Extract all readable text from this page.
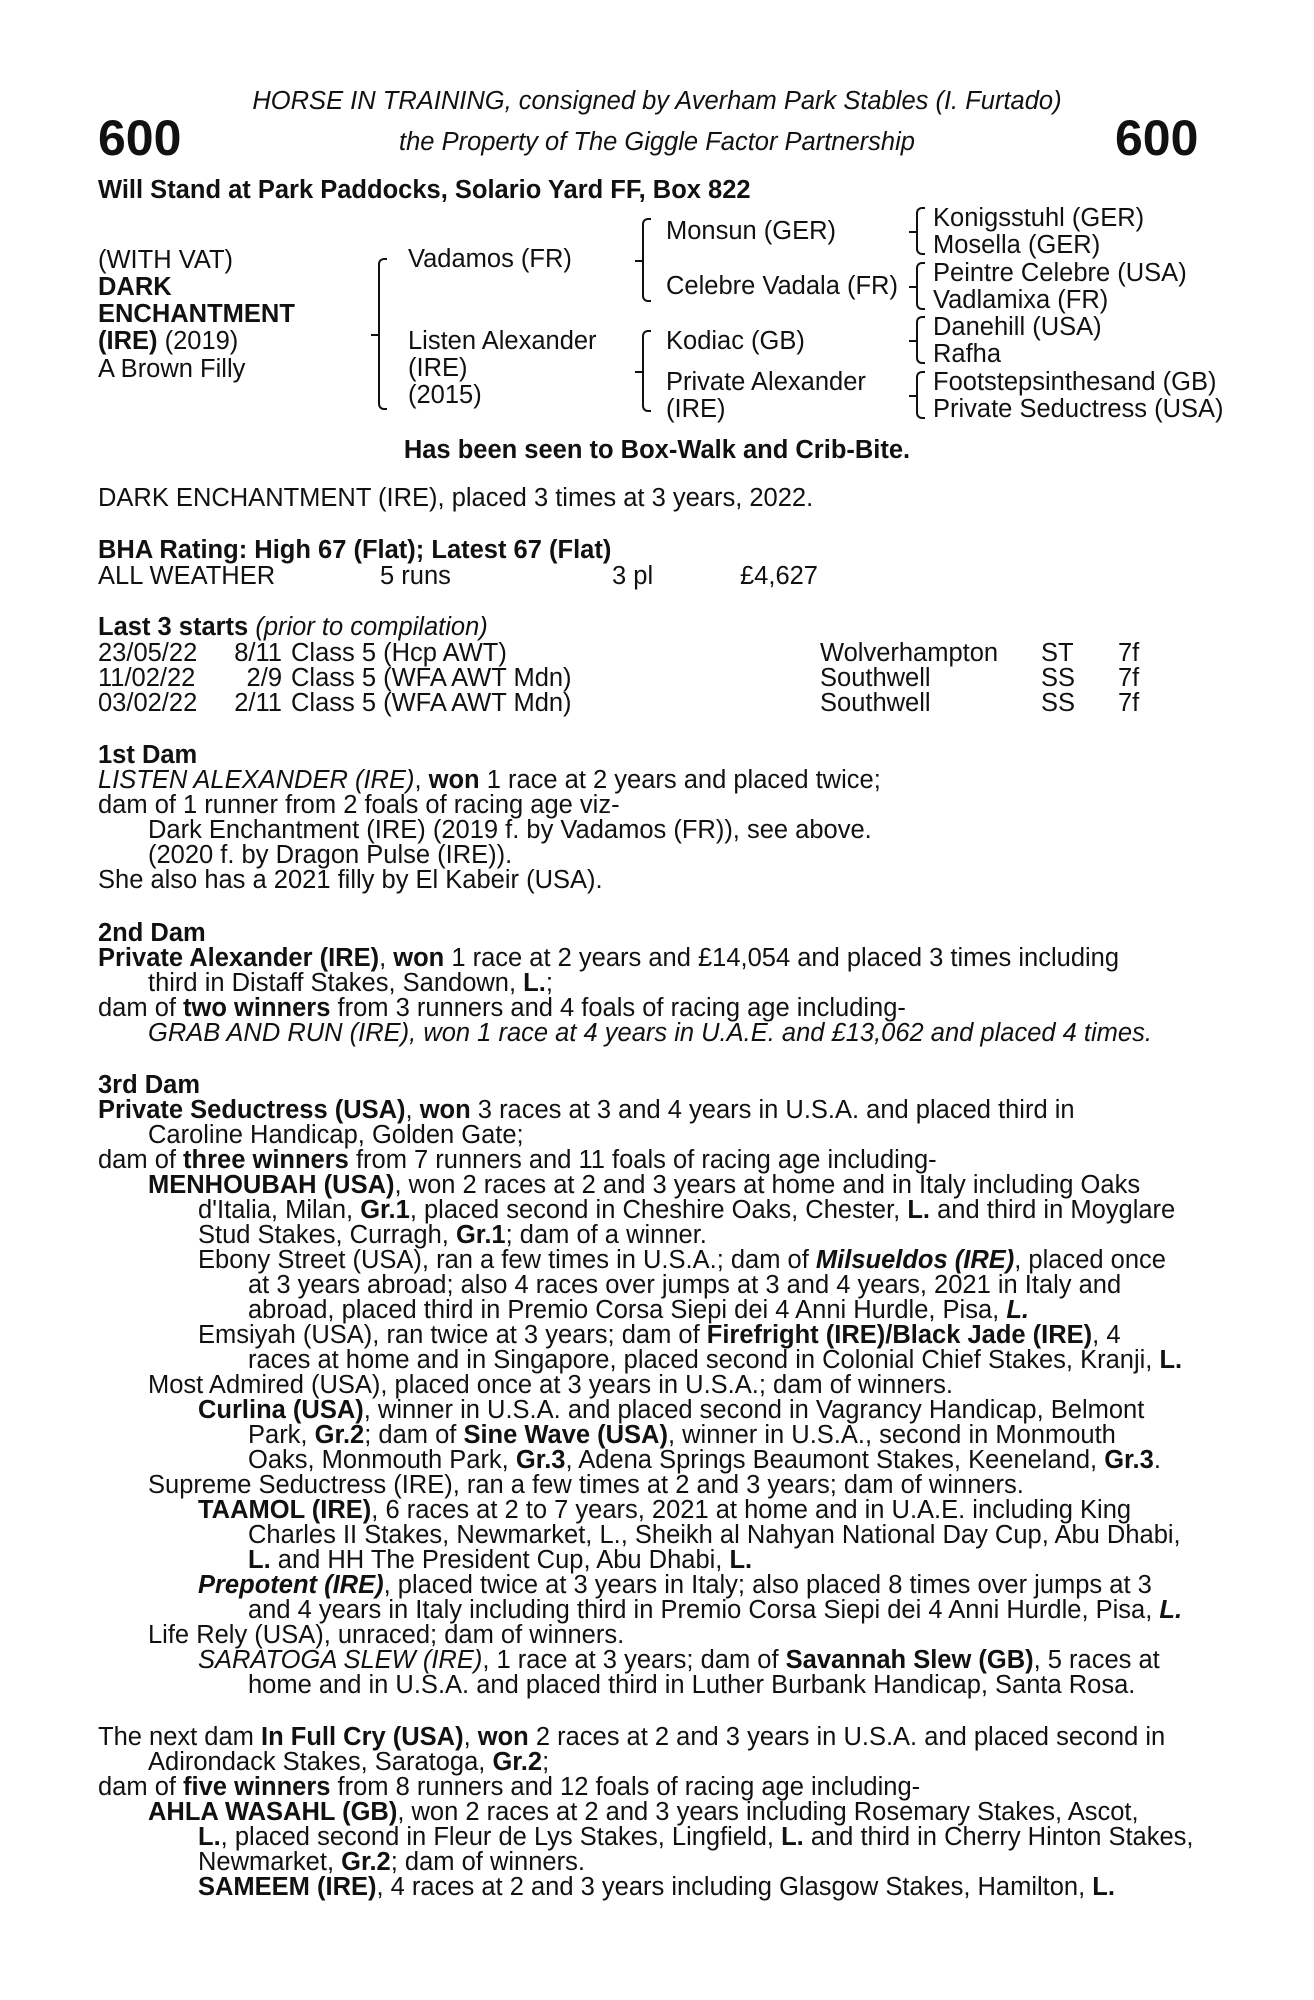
600	600
HORSE IN TRAINING, consigned by Averham Park Stables (I. Furtado)
the Property of The Giggle Factor Partnership
Will Stand at Park Paddocks, Solario Yard FF, Box 822
(WITH VAT)
DARK
ENCHANTMENT
(IRE) (2019)
A Brown Filly
Vadamos (FR)
Listen Alexander
(IRE)
(2015)
Monsun (GER)
Celebre Vadala (FR)
Kodiac (GB)
Private Alexander
(IRE)
Konigsstuhl (GER)
Mosella (GER)
Peintre Celebre (USA)
Vadlamixa (FR)
Danehill (USA)
Rafha
Footstepsinthesand (GB)
Private Seductress (USA)
Has been seen to Box-Walk and Crib-Bite.
DARK ENCHANTMENT (IRE), placed 3 times at 3 years, 2022.
BHA Rating: High 67 (Flat); Latest 67 (Flat)
ALL WEATHER	5 runs	3 pl	£4,627
Last 3 starts (prior to compilation)
23/05/22	8/11 Class 5 (Hcp AWT)	Wolverhampton ST 7f
11/02/22	2/9 Class 5 (WFA AWT Mdn)	Southwell	SS 7f
03/02/22	2/11 Class 5 (WFA AWT Mdn)	Southwell	SS 7f
1st Dam
LISTEN ALEXANDER (IRE), won 1 race at 2 years and placed twice;
dam of 1 runner from 2 foals of racing age viz-
Dark Enchantment (IRE) (2019 f. by Vadamos (FR)), see above.
(2020 f. by Dragon Pulse (IRE)).
She also has a 2021 filly by El Kabeir (USA).
2nd Dam
Private Alexander (IRE), won 1 race at 2 years and £14,054 and placed 3 times including
third in Distaff Stakes, Sandown, L.;
dam of two winners from 3 runners and 4 foals of racing age including-
GRAB AND RUN (IRE), won 1 race at 4 years in U.A.E. and £13,062 and placed 4 times.
3rd Dam
Private Seductress (USA), won 3 races at 3 and 4 years in U.S.A. and placed third in
Caroline Handicap, Golden Gate;
dam of three winners from 7 runners and 11 foals of racing age including-
MENHOUBAH (USA), won 2 races at 2 and 3 years at home and in Italy including Oaks
d'Italia, Milan, Gr.1, placed second in Cheshire Oaks, Chester, L. and third in Moyglare
Stud Stakes, Curragh, Gr.1; dam of a winner.
Ebony Street (USA), ran a few times in U.S.A.; dam of Milsueldos (IRE), placed once
at 3 years abroad; also 4 races over jumps at 3 and 4 years, 2021 in Italy and
abroad, placed third in Premio Corsa Siepi dei 4 Anni Hurdle, Pisa, L.
Emsiyah (USA), ran twice at 3 years; dam of Firefright (IRE)/Black Jade (IRE), 4
races at home and in Singapore, placed second in Colonial Chief Stakes, Kranji, L.
Most Admired (USA), placed once at 3 years in U.S.A.; dam of winners.
Curlina (USA), winner in U.S.A. and placed second in Vagrancy Handicap, Belmont
Park, Gr.2; dam of Sine Wave (USA), winner in U.S.A., second in Monmouth
Oaks, Monmouth Park, Gr.3, Adena Springs Beaumont Stakes, Keeneland, Gr.3.
Supreme Seductress (IRE), ran a few times at 2 and 3 years; dam of winners.
TAAMOL (IRE), 6 races at 2 to 7 years, 2021 at home and in U.A.E. including King
Charles II Stakes, Newmarket, L., Sheikh al Nahyan National Day Cup, Abu Dhabi,
L. and HH The President Cup, Abu Dhabi, L.
Prepotent (IRE), placed twice at 3 years in Italy; also placed 8 times over jumps at 3
and 4 years in Italy including third in Premio Corsa Siepi dei 4 Anni Hurdle, Pisa, L.
Life Rely (USA), unraced; dam of winners.
SARATOGA SLEW (IRE), 1 race at 3 years; dam of Savannah Slew (GB), 5 races at
home and in U.S.A. and placed third in Luther Burbank Handicap, Santa Rosa.
The next dam In Full Cry (USA), won 2 races at 2 and 3 years in U.S.A. and placed second in
Adirondack Stakes, Saratoga, Gr.2;
dam of five winners from 8 runners and 12 foals of racing age including-
AHLA WASAHL (GB), won 2 races at 2 and 3 years including Rosemary Stakes, Ascot,
L., placed second in Fleur de Lys Stakes, Lingfield, L. and third in Cherry Hinton Stakes,
Newmarket, Gr.2; dam of winners.
SAMEEM (IRE), 4 races at 2 and 3 years including Glasgow Stakes, Hamilton, L.
